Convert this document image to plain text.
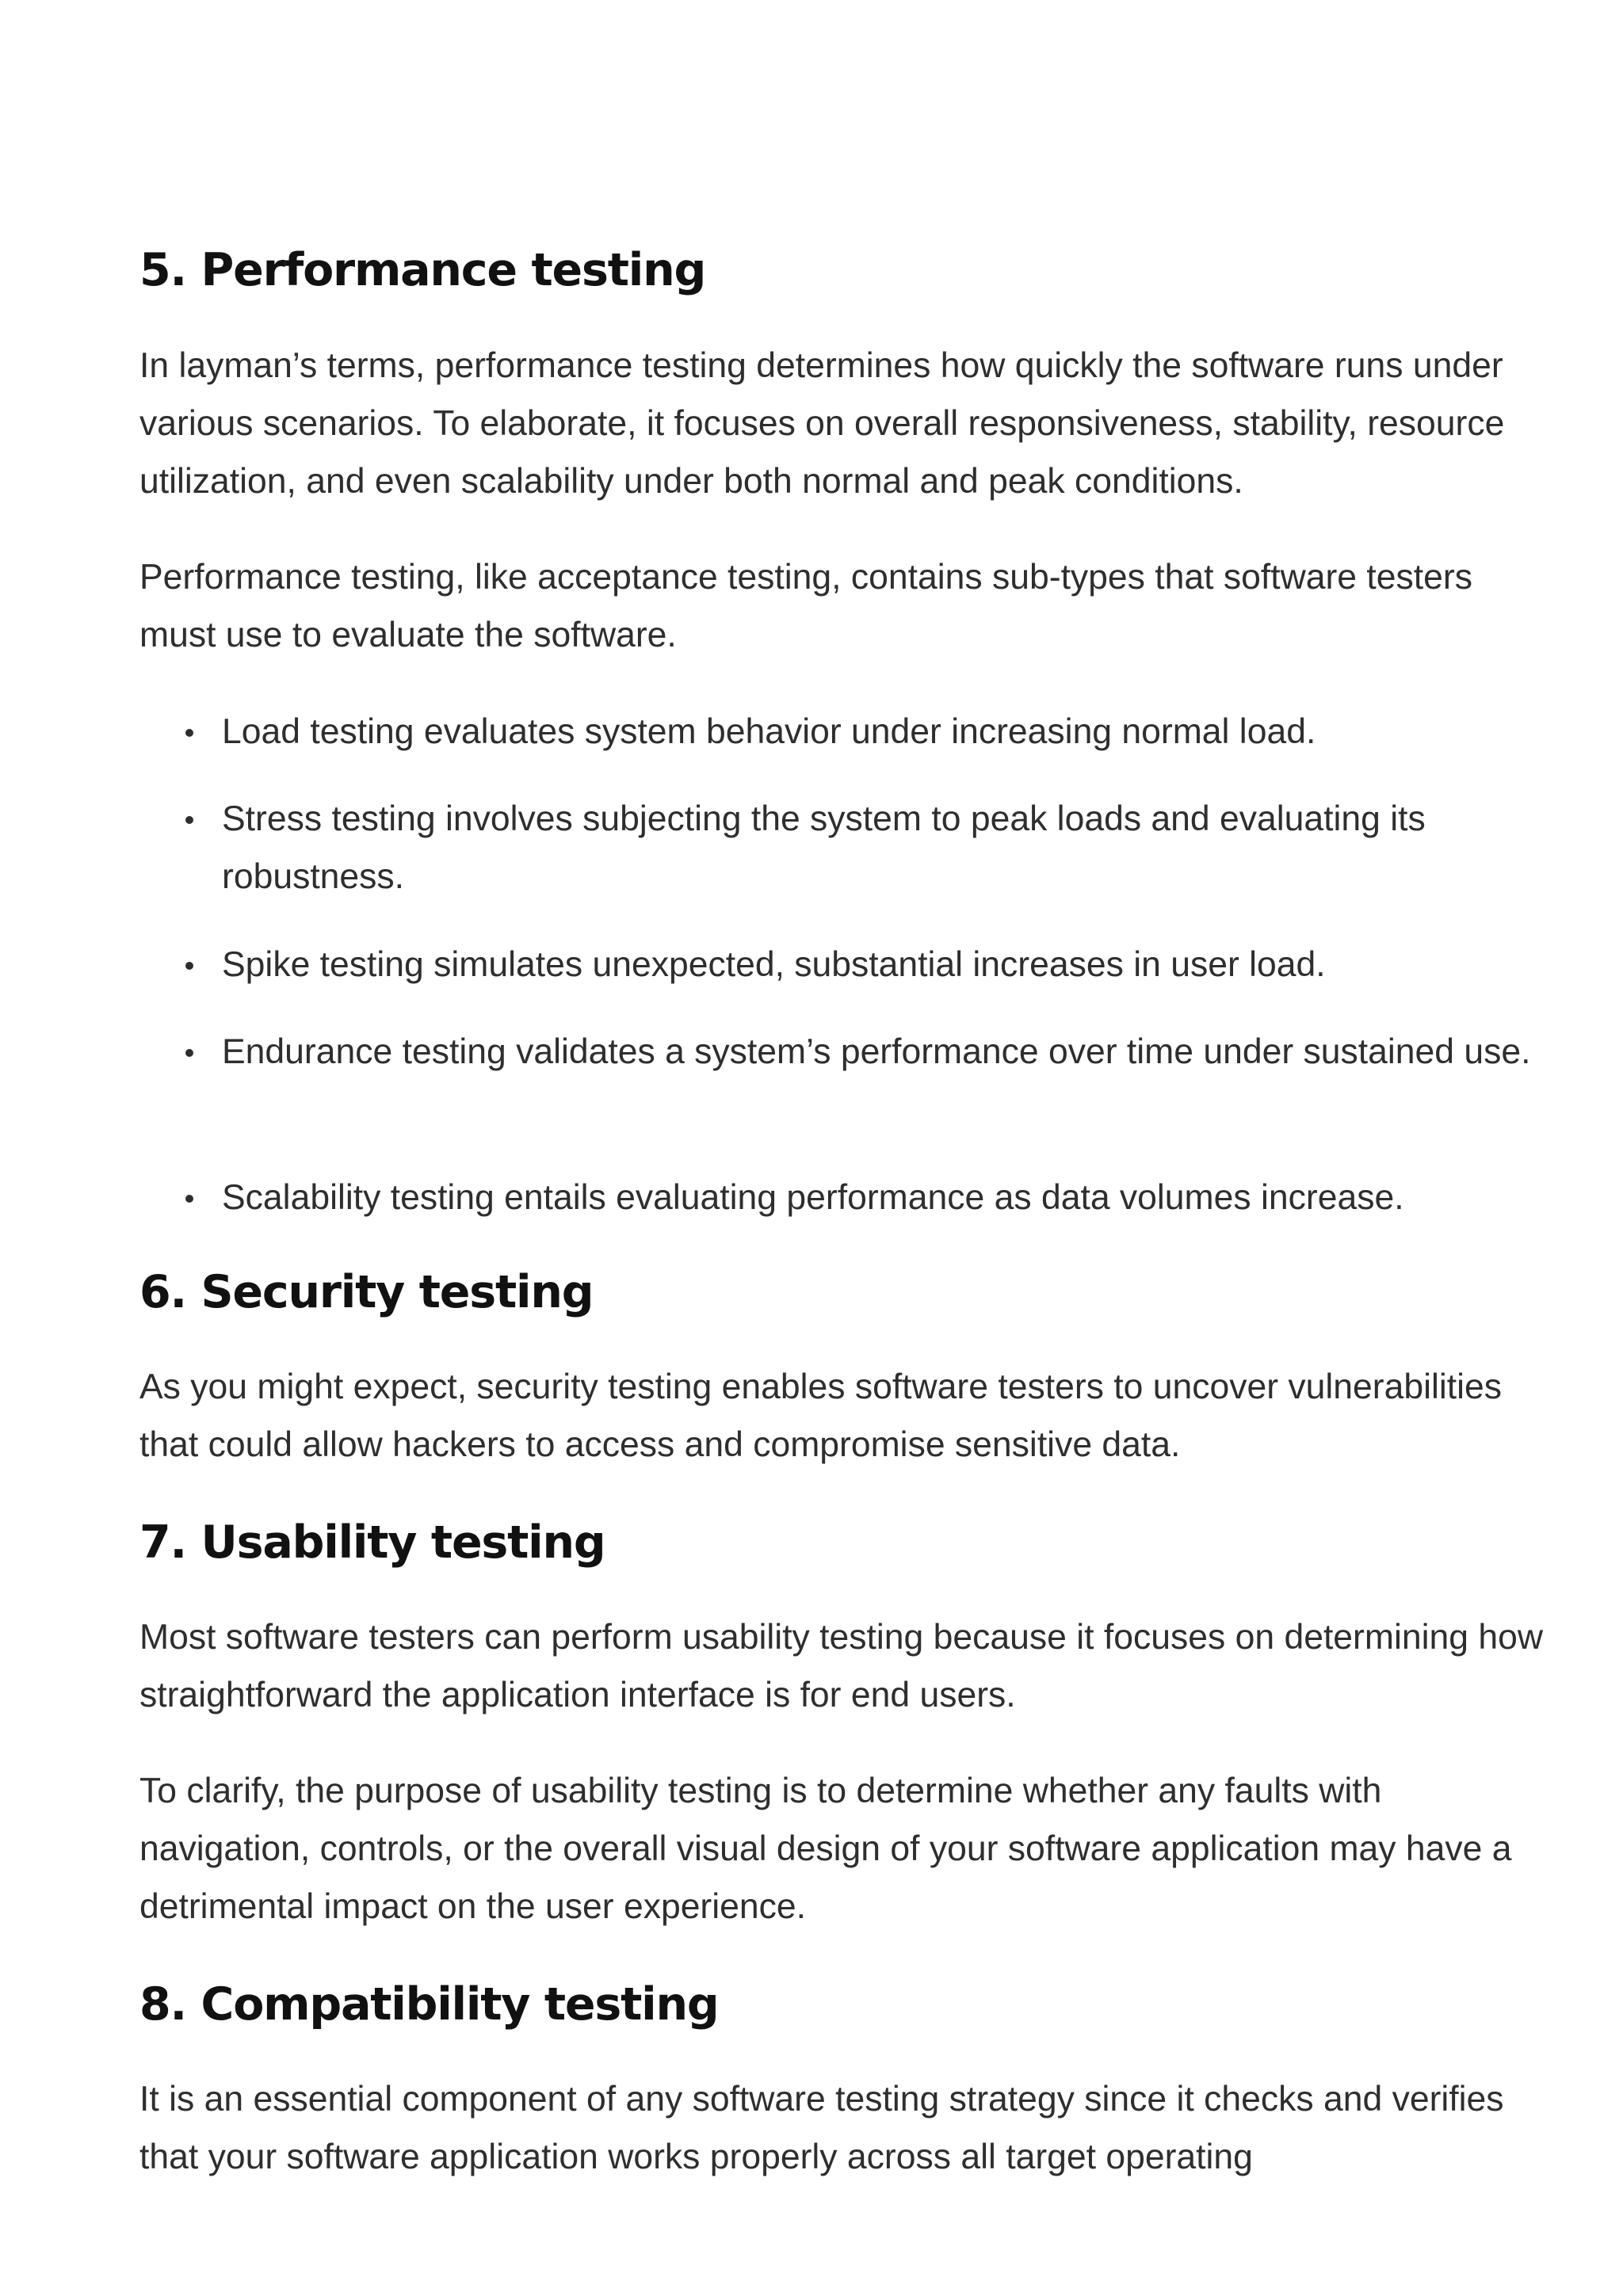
5. Performance testing

In layman’s terms, performance testing determines how quickly the software runs under various scenarios. To elaborate, it focuses on overall responsiveness, stability, resource utilization, and even scalability under both normal and peak conditions.

Performance testing, like acceptance testing, contains sub-types that software testers must use to evaluate the software.

Load testing evaluates system behavior under increasing normal load.
Stress testing involves subjecting the system to peak loads and evaluating its robustness.
Spike testing simulates unexpected, substantial increases in user load.
Endurance testing validates a system’s performance over time under sustained use.
Scalability testing entails evaluating performance as data volumes increase.
6. Security testing

As you might expect, security testing enables software testers to uncover vulnerabilities that could allow hackers to access and compromise sensitive data.

7. Usability testing

Most software testers can perform usability testing because it focuses on determining how straightforward the application interface is for end users.

To clarify, the purpose of usability testing is to determine whether any faults with navigation, controls, or the overall visual design of your software application may have a detrimental impact on the user experience.

8. Compatibility testing

It is an essential component of any software testing strategy since it checks and verifies that your software application works properly across all target operating
